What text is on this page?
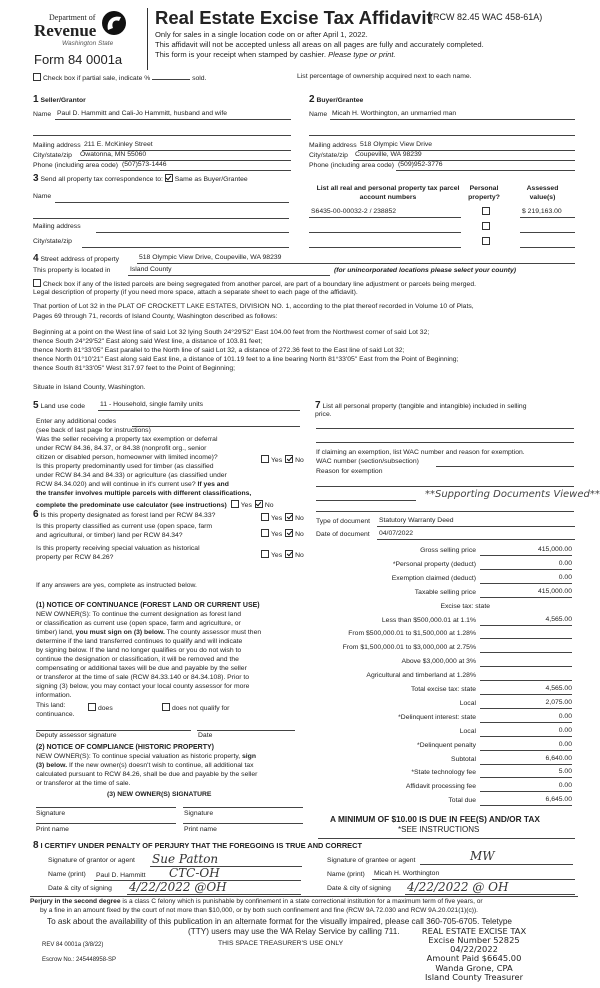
Department of
Revenue
Washington State
Form 84 0001a
Real Estate Excise Tax Affidavit
(RCW 82.45 WAC 458-61A)
Only for sales in a single location code on or after April 1, 2022.
This affidavit will not be accepted unless all areas on all pages are fully and accurately completed.
This form is your receipt when stamped by cashier. Please type or print.
Check box if partial sale, indicate %	sold.	List percentage of ownership acquired next to each name.
1 Seller/Grantor
Name Paul D. Hammitt and Cali-Jo Hammitt, husband and wife
Mailing address 211 E. McKinley Street
City/state/zip Owatonna, MN 55060
Phone (including area code) (507)573-1446
2 Buyer/Grantee
Name Micah H. Worthington, an unmarried man
Mailing address 518 Olympic View Drive
City/state/zip Coupeville, WA 98239
Phone (including area code) (509)952-3776
3 Send all property tax correspondence to: Same as Buyer/Grantee
Name
Mailing address
City/state/zip
List all real and personal property tax parcel account numbers
Personal property?
Assessed value(s)
S6435-00-00032-2 / 238852	$ 219,163.00
4 Street address of property	518 Olympic View Drive, Coupeville, WA 98239
This property is located in	Island County	(for unincorporated locations please select your county)
Check box if any of the listed parcels are being segregated from another parcel, are part of a boundary line adjustment or parcels being merged.
Legal description of property (if you need more space, attach a separate sheet to each page of the affidavit).
That portion of Lot 32 in the PLAT OF CROCKETT LAKE ESTATES, DIVISION NO. 1, according to the plat thereof recorded in Volume 10 of Plats,
Pages 69 through 71, records of Island County, Washington described as follows:
Beginning at a point on the West line of said Lot 32 lying South 24°29'52" East 104.00 feet from the Northwest corner of said Lot 32;
thence South 24°29'52" East along said West line, a distance of 103.81 feet;
thence North 81°33'05" East parallel to the North line of said Lot 32, a distance of 272.36 feet to the East line of said Lot 32;
thence North 01°10'21" East along said East line, a distance of 101.19 feet to a line bearing North 81°33'05" East from the Point of Beginning;
thence South 81°33'05" West 317.97 feet to the Point of Beginning;
Situate in Island County, Washington.
5 Land use code 11 - Household, single family units
Enter any additional codes
(see back of last page for instructions)
Was the seller receiving a property tax exemption or deferral
under RCW 84.36, 84.37, or 84.38 (nonprofit org., senior
citizen or disabled person, homeowner with limited income)?	Yes No
Is this property predominantly used for timber (as classified
under RCW 84.34 and 84.33) or agriculture (as classified under
RCW 84.34.020) and will continue in it's current use? If yes and
the transfer involves multiple parcels with different classifications,
complete the predominate use calculator (see instructions)	Yes No
6 Is this property designated as forest land per RCW 84.33?	Yes No
Is this property classified as current use (open space, farm
and agricultural, or timber) land per RCW 84.34?	Yes No
Is this property receiving special valuation as historical
property per RCW 84.26?	Yes No
If any answers are yes, complete as instructed below.
(1) NOTICE OF CONTINUANCE (FOREST LAND OR CURRENT USE)
NEW OWNER(S): To continue the current designation as forest land
or classification as current use (open space, farm and agriculture, or
timber) land, you must sign on (3) below. The county assessor must then
determine if the land transferred continues to qualify and will indicate
by signing below. If the land no longer qualifies or you do not wish to
continue the designation or classification, it will be removed and the
compensating or additional taxes will be due and payable by the seller
or transferor at the time of sale (RCW 84.33.140 or 84.34.108). Prior to
signing (3) below, you may contact your local county assessor for more
information.
This land:	does	does not qualify for
continuance.
Deputy assessor signature	Date
(2) NOTICE OF COMPLIANCE (HISTORIC PROPERTY)
NEW OWNER(S): To continue special valuation as historic property, sign
(3) below. If the new owner(s) doesn't wish to continue, all additional tax
calculated pursuant to RCW 84.26, shall be due and payable by the seller
or transferor at the time of sale.
(3) NEW OWNER(S) SIGNATURE
Signature	Signature
Print name	Print name
7 List all personal property (tangible and intangible) included in selling
price.
If claiming an exemption, list WAC number and reason for exemption.
WAC number (section/subsection)
Reason for exemption
**Supporting Documents Viewed**
Type of document Statutory Warranty Deed
Date of document 04/07/2022
Gross selling price	415,000.00
*Personal property (deduct)	0.00
Exemption claimed (deduct)	0.00
Taxable selling price	415,000.00
Excise tax: state
Less than $500,000.01 at 1.1%	4,565.00
From $500,000.01 to $1,500,000 at 1.28%
From $1,500,000.01 to $3,000,000 at 2.75%
Above $3,000,000 at 3%
Agricultural and timberland at 1.28%
Total excise tax: state	4,565.00
Local	2,075.00
*Delinquent interest: state	0.00
Local	0.00
*Delinquent penalty	0.00
Subtotal	6,640.00
*State technology fee	5.00
Affidavit processing fee	0.00
Total due	6,645.00
A MINIMUM OF $10.00 IS DUE IN FEE(S) AND/OR TAX
*SEE INSTRUCTIONS
8 I CERTIFY UNDER PENALTY OF PERJURY THAT THE FOREGOING IS TRUE AND CORRECT
Signature of grantor or agent Sue Patton
Name (print) Paul D. Hammitt CTC-OH
Date & city of signing 4/22/2022 @OH
Signature of grantee or agent	MW
Name (print) Micah H. Worthington
Date & city of signing 4/22/2022 @ OH
Perjury in the second degree is a class C felony which is punishable by confinement in a state correctional institution for a maximum term of five years, or
by a fine in an amount fixed by the court of not more than $10,000, or by both such confinement and fine (RCW 9A.72.030 and RCW 9A.20.021(1)(c)).
To ask about the availability of this publication in an alternate format for the visually impaired, please call 360-705-6705. Teletype
(TTY) users may use the WA Relay Service by calling 711.
REV 84 0001a (3/8/22)	THIS SPACE TREASURER'S USE ONLY
Escrow No.: 245448958-SP
REAL ESTATE EXCISE TAX
Excise Number 52825
04/22/2022
Amount Paid $6645.00
Wanda Grone, CPA
Island County Treasurer
